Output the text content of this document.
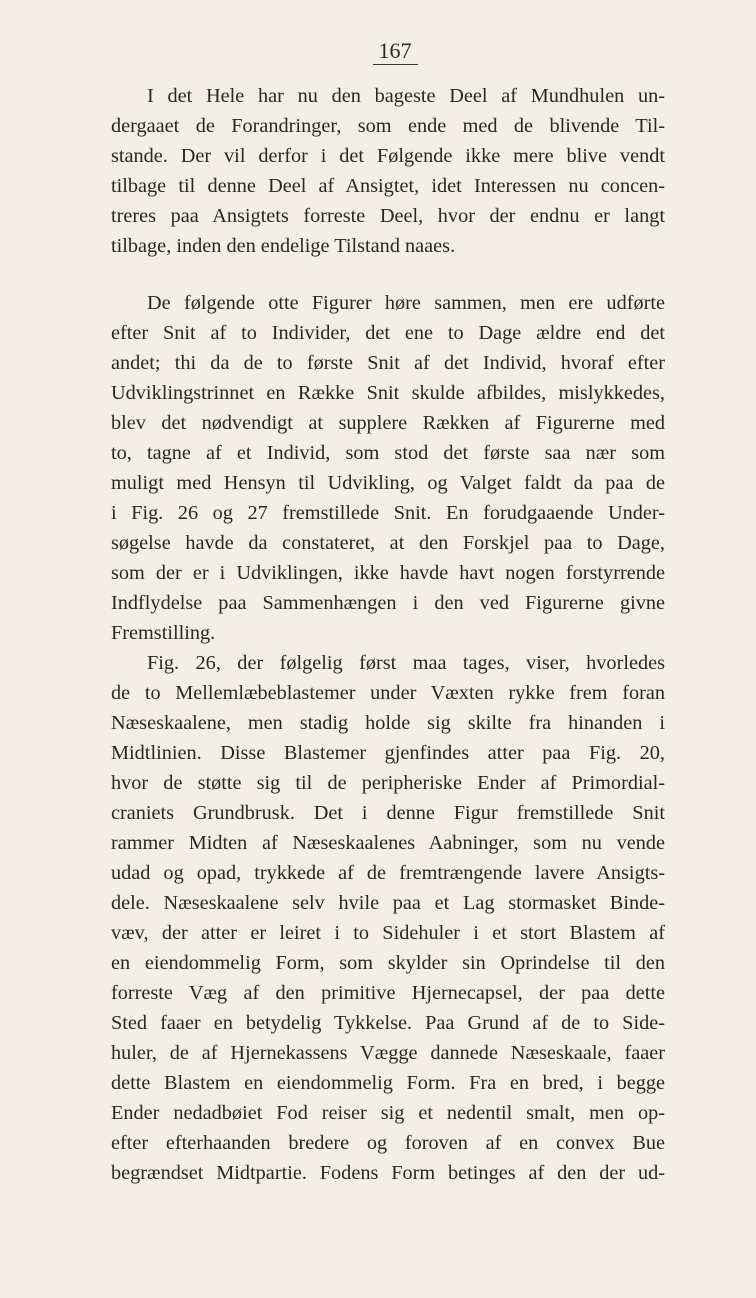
167
I det Hele har nu den bageste Deel af Mundhulen un-
dergaaet de Forandringer, som ende med de blivende Til-
stande. Der vil derfor i det Følgende ikke mere blive vendt
tilbage til denne Deel af Ansigtet, idet Interessen nu concen-
treres paa Ansigtets forreste Deel, hvor der endnu er langt
tilbage, inden den endelige Tilstand naaes.
De følgende otte Figurer høre sammen, men ere udførte
efter Snit af to Individer, det ene to Dage ældre end det
andet; thi da de to første Snit af det Individ, hvoraf efter
Udviklingstrinnet en Række Snit skulde afbildes, mislykkedes,
blev det nødvendigt at supplere Rækken af Figurerne med
to, tagne af et Individ, som stod det første saa nær som
muligt med Hensyn til Udvikling, og Valget faldt da paa de
i Fig. 26 og 27 fremstillede Snit. En forudgaaende Under-
søgelse havde da constateret, at den Forskjel paa to Dage,
som der er i Udviklingen, ikke havde havt nogen forstyrrende
Indflydelse paa Sammenhængen i den ved Figurerne givne
Fremstilling.
Fig. 26, der følgelig først maa tages, viser, hvorledes
de to Mellemlæbeblastemer under Væxten rykke frem foran
Næseskaalene, men stadig holde sig skilte fra hinanden i
Midtlinien. Disse Blastemer gjenfindes atter paa Fig. 20,
hvor de støtte sig til de peripheriske Ender af Primordial-
craniets Grundbrusk. Det i denne Figur fremstillede Snit
rammer Midten af Næseskaalenes Aabninger, som nu vende
udad og opad, trykkede af de fremtrængende lavere Ansigts-
dele. Næseskaalene selv hvile paa et Lag stormasket Binde-
væv, der atter er leiret i to Sidehuler i et stort Blastem af
en eiendommelig Form, som skylder sin Oprindelse til den
forreste Væg af den primitive Hjernecapsel, der paa dette
Sted faaer en betydelig Tykkelse. Paa Grund af de to Side-
huler, de af Hjernekassens Vægge dannede Næseskaale, faaer
dette Blastem en eiendommelig Form. Fra en bred, i begge
Ender nedadbøiet Fod reiser sig et nedentil smalt, men op-
efter efterhaanden bredere og foroven af en convex Bue
begrændset Midtpartie. Fodens Form betinges af den der ud-
